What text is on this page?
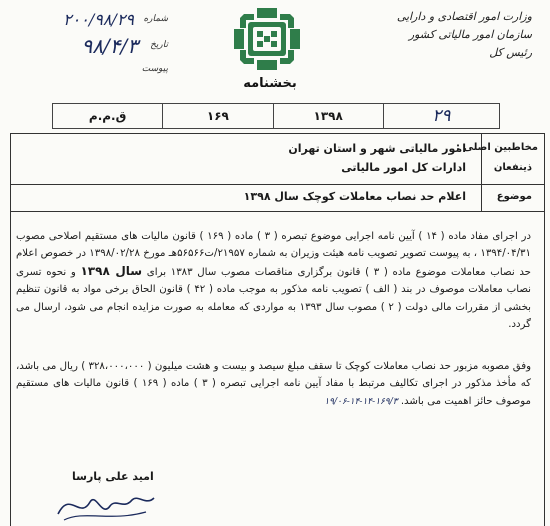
وزارت امور اقتصادی و دارایی
سازمان امور مالیاتی کشور
رئیس کل
بخشنامه
شماره
۲۰۰/۹۸/۲۹
تاریخ
۹۸/۴/۳
پیوست
۲۹
۱۳۹۸
۱۶۹
ق.م.م
مخاطبین اصلی :
ذینفعان
امور مالیاتی شهر و استان تهران
ادارات کل امور مالیاتی
موضوع
اعلام حد نصاب معاملات کوچک سال ۱۳۹۸

در اجرای مفاد ماده ( ۱۴ ) آیین نامه اجرایی موضوع تبصره ( ۳ ) ماده ( ۱۶۹ ) قانون مالیات های مستقیم اصلاحی مصوب ۱۳۹۴/۰۴/۳۱ ، به پیوست تصویر تصویب نامه هیئت وزیران به شماره ۲۱۹۵۷/ت۵۶۵۶۶هـ مورخ ۱۳۹۸/۰۲/۲۸ در خصوص اعلام حد نصاب معاملات موضوع ماده ( ۳ ) قانون برگزاری مناقصات مصوب سال ۱۳۸۳ برای سال ۱۳۹۸ و نحوه تسری نصاب معاملات موصوف در بند ( الف ) تصویب نامه مذکور به موجب ماده ( ۴۲ ) قانون الحاق برخی مواد به قانون تنظیم بخشی از مقررات مالی دولت ( ۲ ) مصوب سال ۱۳۹۳ به مواردی که معامله به صورت مزایده انجام می شود، ارسال می گردد.

وفق مصوبه مزبور حد نصاب معاملات کوچک تا سقف مبلغ سیصد و بیست و هشت میلیون ( ۳۲۸،۰۰۰،۰۰۰ ) ریال می باشد، که مأخذ مذکور در اجرای تکالیف مرتبط با مفاد آیین نامه اجرایی تبصره ( ۳ ) ماده ( ۱۶۹ ) قانون مالیات های مستقیم موصوف حائز اهمیت می باشد. ۱۶۹/۳-۱۴-۱۴-۱۹/۰۶

امید علی پارسا
